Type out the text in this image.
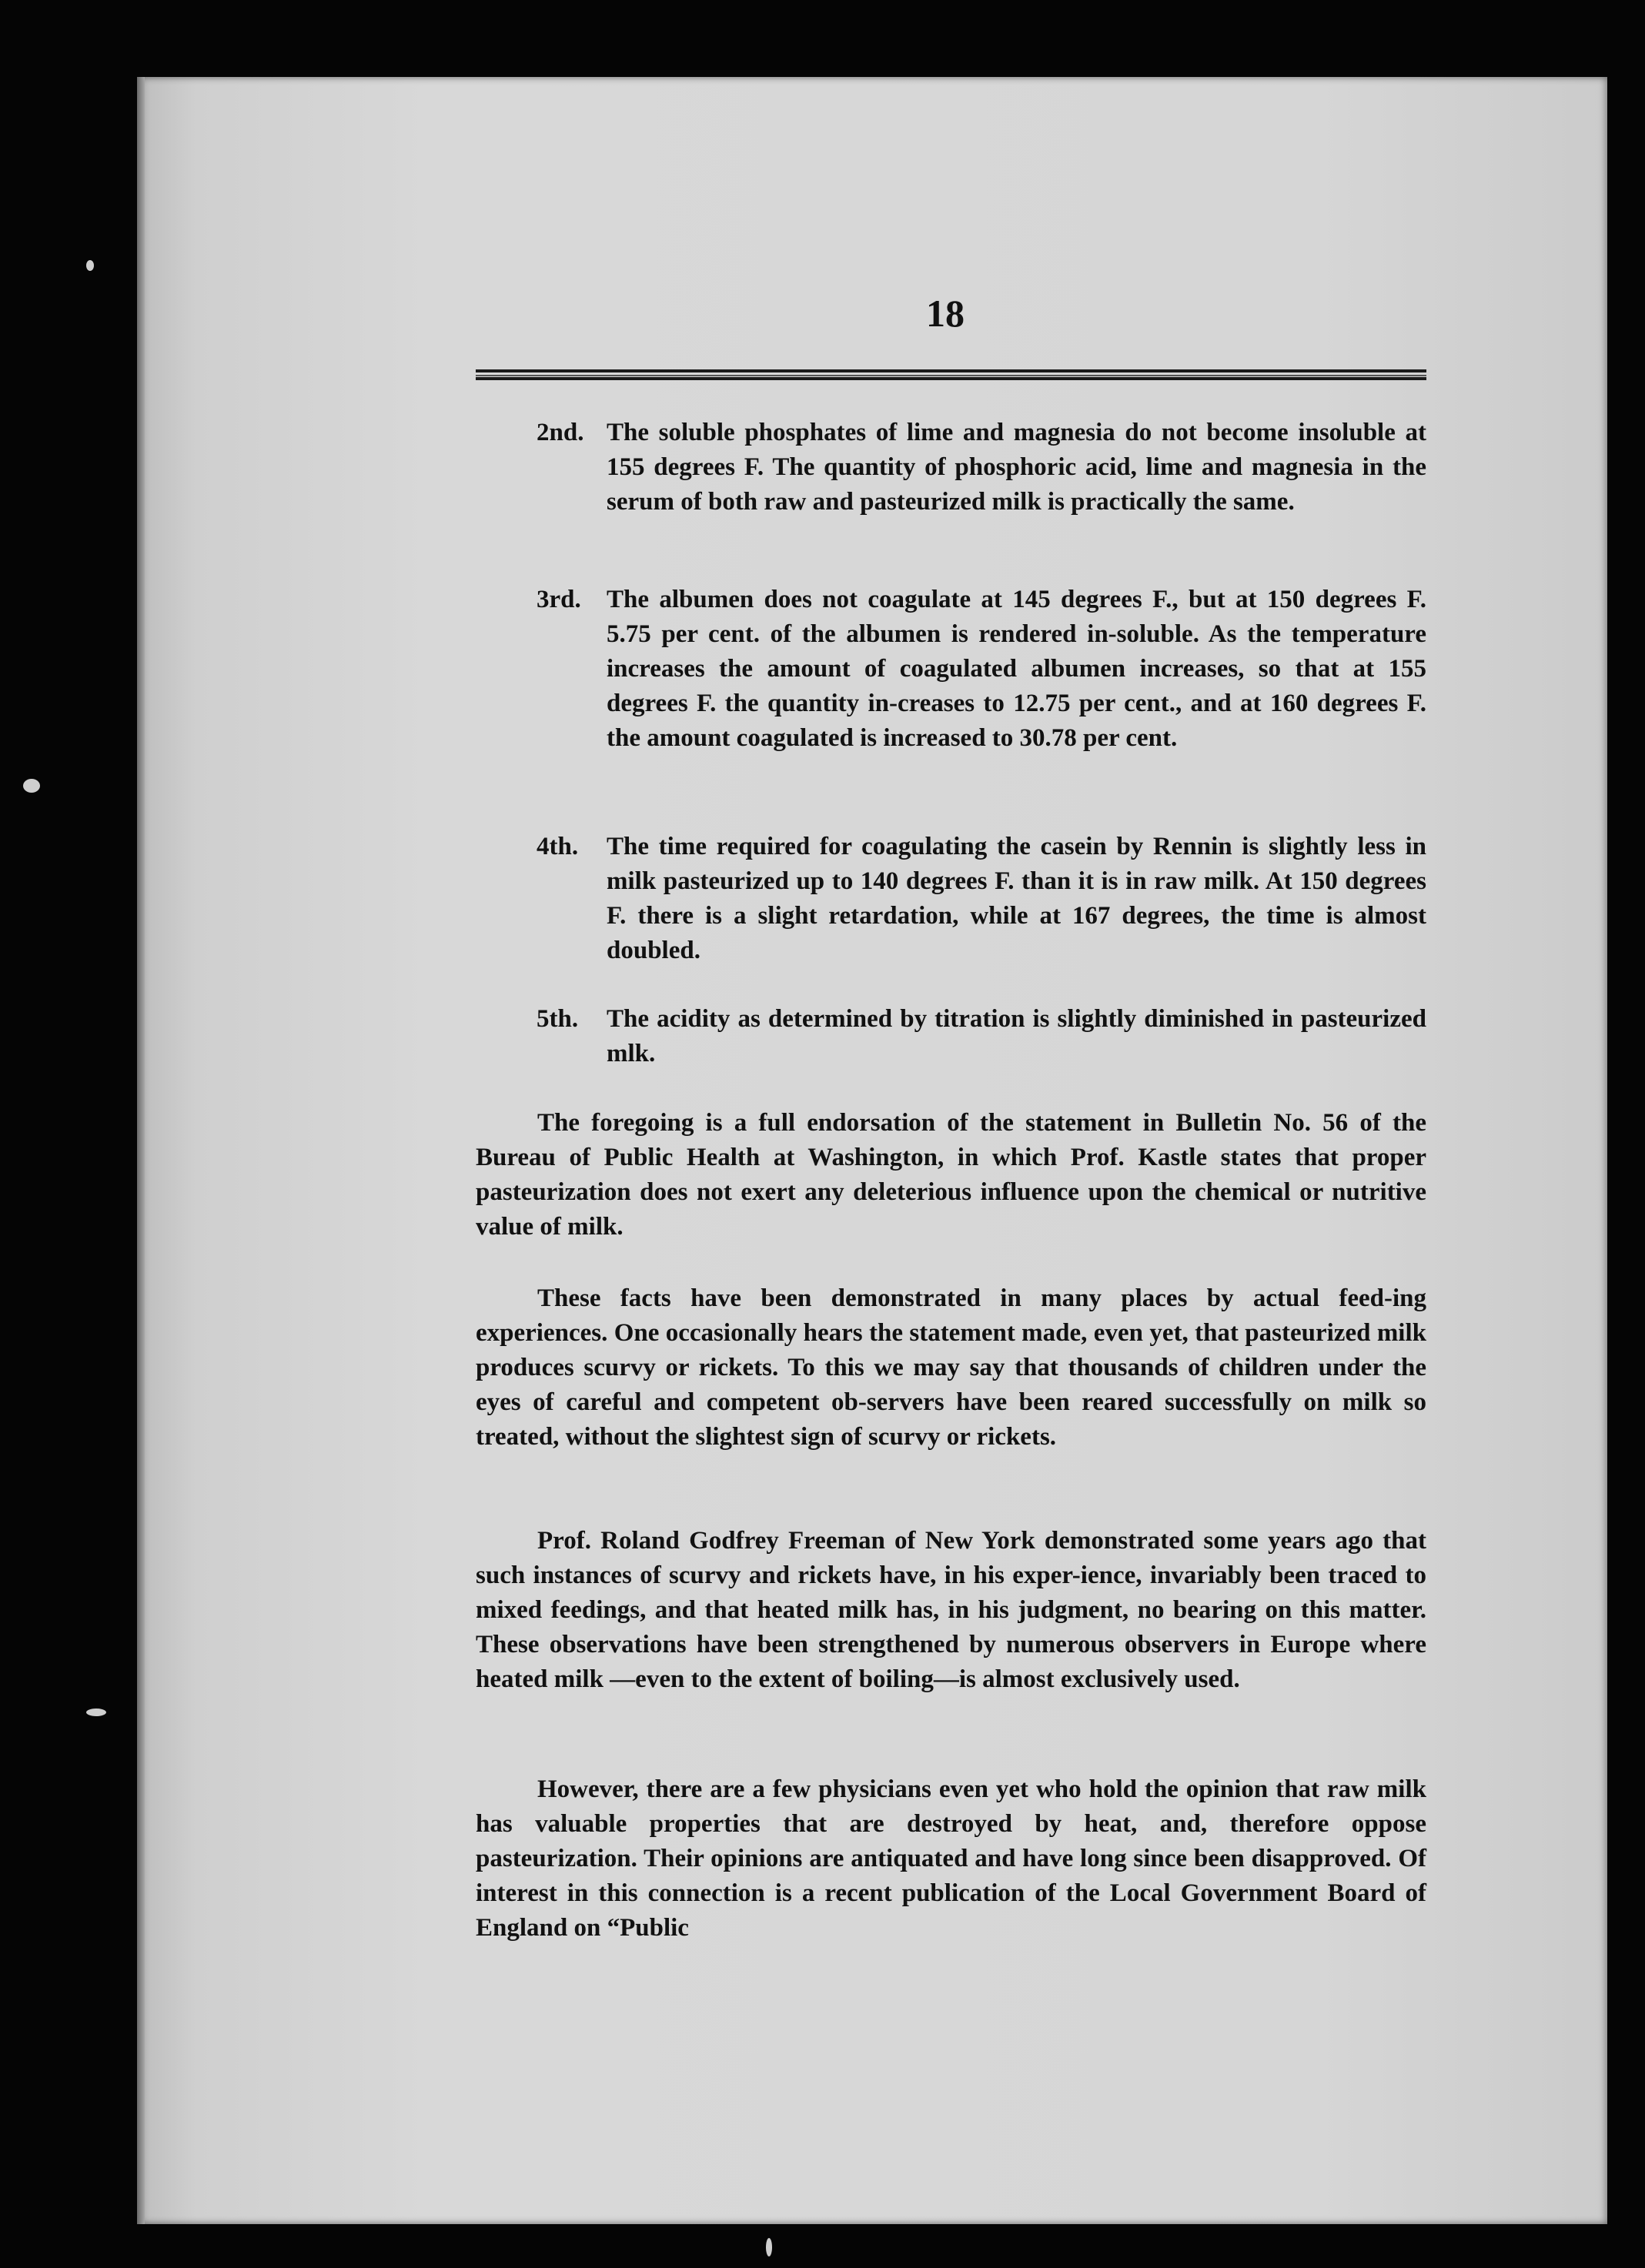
18
2nd. The soluble phosphates of lime and magnesia do not become insoluble at 155 degrees F. The quantity of phosphoric acid, lime and magnesia in the serum of both raw and pasteurized milk is practically the same.
3rd.	The albumen does not coagulate at 145 degrees F., but at 150 degrees F. 5.75 per cent. of the albumen is rendered in-soluble. As the temperature increases the amount of coagulated albumen increases, so that at 155 degrees F. the quantity in-creases to 12.75 per cent., and at 160 degrees F. the amount coagulated is increased to 30.78 per cent.
4th.	The time required for coagulating the casein by Rennin is slightly less in milk pasteurized up to 140 degrees F. than it is in raw milk. At 150 degrees F. there is a slight retardation, while at 167 degrees, the time is almost doubled.
5th.	The acidity as determined by titration is slightly diminished in pasteurized mlk.
The foregoing is a full endorsation of the statement in Bulletin No. 56 of the Bureau of Public Health at Washington, in which Prof. Kastle states that proper pasteurization does not exert any deleterious influence upon the chemical or nutritive value of milk.
These facts have been demonstrated in many places by actual feed-ing experiences. One occasionally hears the statement made, even yet, that pasteurized milk produces scurvy or rickets. To this we may say that thousands of children under the eyes of careful and competent ob-servers have been reared successfully on milk so treated, without the slightest sign of scurvy or rickets.
Prof. Roland Godfrey Freeman of New York demonstrated some years ago that such instances of scurvy and rickets have, in his exper-ience, invariably been traced to mixed feedings, and that heated milk has, in his judgment, no bearing on this matter. These observations have been strengthened by numerous observers in Europe where heated milk —even to the extent of boiling—is almost exclusively used.
However, there are a few physicians even yet who hold the opinion that raw milk has valuable properties that are destroyed by heat, and, therefore oppose pasteurization. Their opinions are antiquated and have long since been disapproved. Of interest in this connection is a recent publication of the Local Government Board of England on “Public
